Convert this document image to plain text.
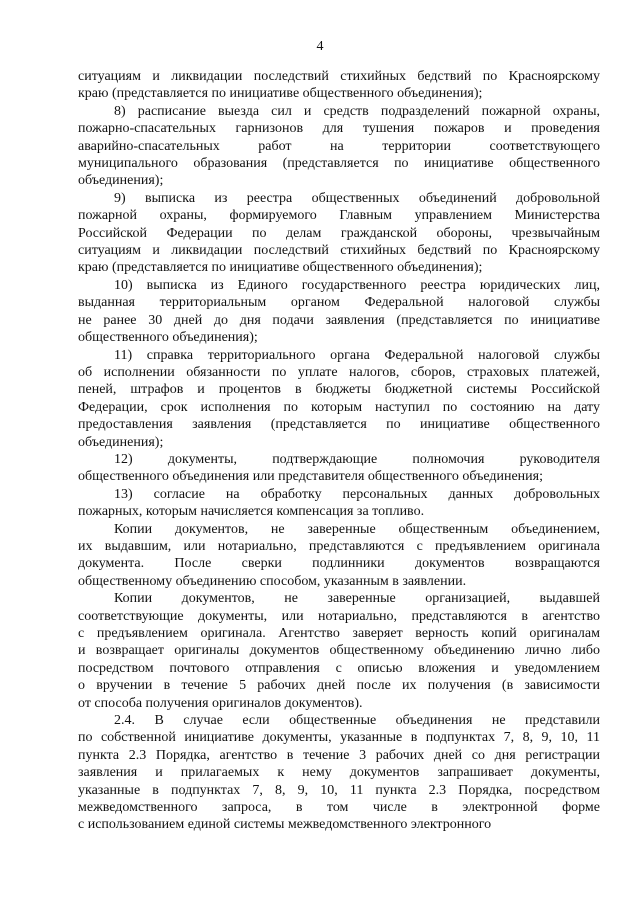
4

ситуациям и ликвидации последствий стихийных бедствий по Красноярскому

краю (представляется по инициативе общественного объединения);

8) расписание выезда сил и средств подразделений пожарной охраны,

пожарно-спасательных гарнизонов для тушения пожаров и проведения

аварийно-спасательных работ на территории соответствующего

муниципального образования (представляется по инициативе общественного

объединения);

9) выписка из реестра общественных объединений добровольной

пожарной охраны, формируемого Главным управлением Министерства

Российской Федерации по делам гражданской обороны, чрезвычайным

ситуациям и ликвидации последствий стихийных бедствий по Красноярскому

краю (представляется по инициативе общественного объединения);

10) выписка из Единого государственного реестра юридических лиц,

выданная территориальным органом Федеральной налоговой службы

не ранее 30 дней до дня подачи заявления (представляется по инициативе

общественного объединения);

11) справка территориального органа Федеральной налоговой службы

об исполнении обязанности по уплате налогов, сборов, страховых платежей,

пеней, штрафов и процентов в бюджеты бюджетной системы Российской

Федерации, срок исполнения по которым наступил по состоянию на дату

предоставления заявления (представляется по инициативе общественного

объединения);

12) документы, подтверждающие полномочия руководителя

общественного объединения или представителя общественного объединения;

13) согласие на обработку персональных данных добровольных

пожарных, которым начисляется компенсация за топливо.

Копии документов, не заверенные общественным объединением,

их выдавшим, или нотариально, представляются с предъявлением оригинала

документа. После сверки подлинники документов возвращаются

общественному объединению способом, указанным в заявлении.

Копии документов, не заверенные организацией, выдавшей

соответствующие документы, или нотариально, представляются в агентство

с предъявлением оригинала. Агентство заверяет верность копий оригиналам

и возвращает оригиналы документов общественному объединению лично либо

посредством почтового отправления с описью вложения и уведомлением

о вручении в течение 5 рабочих дней после их получения (в зависимости

от способа получения оригиналов документов).

2.4. В случае если общественные объединения не представили

по собственной инициативе документы, указанные в подпунктах 7, 8, 9, 10, 11

пункта 2.3 Порядка, агентство в течение 3 рабочих дней со дня регистрации

заявления и прилагаемых к нему документов запрашивает документы,

указанные в подпунктах 7, 8, 9, 10, 11 пункта 2.3 Порядка, посредством

межведомственного запроса, в том числе в электронной форме

с использованием единой системы межведомственного электронного
